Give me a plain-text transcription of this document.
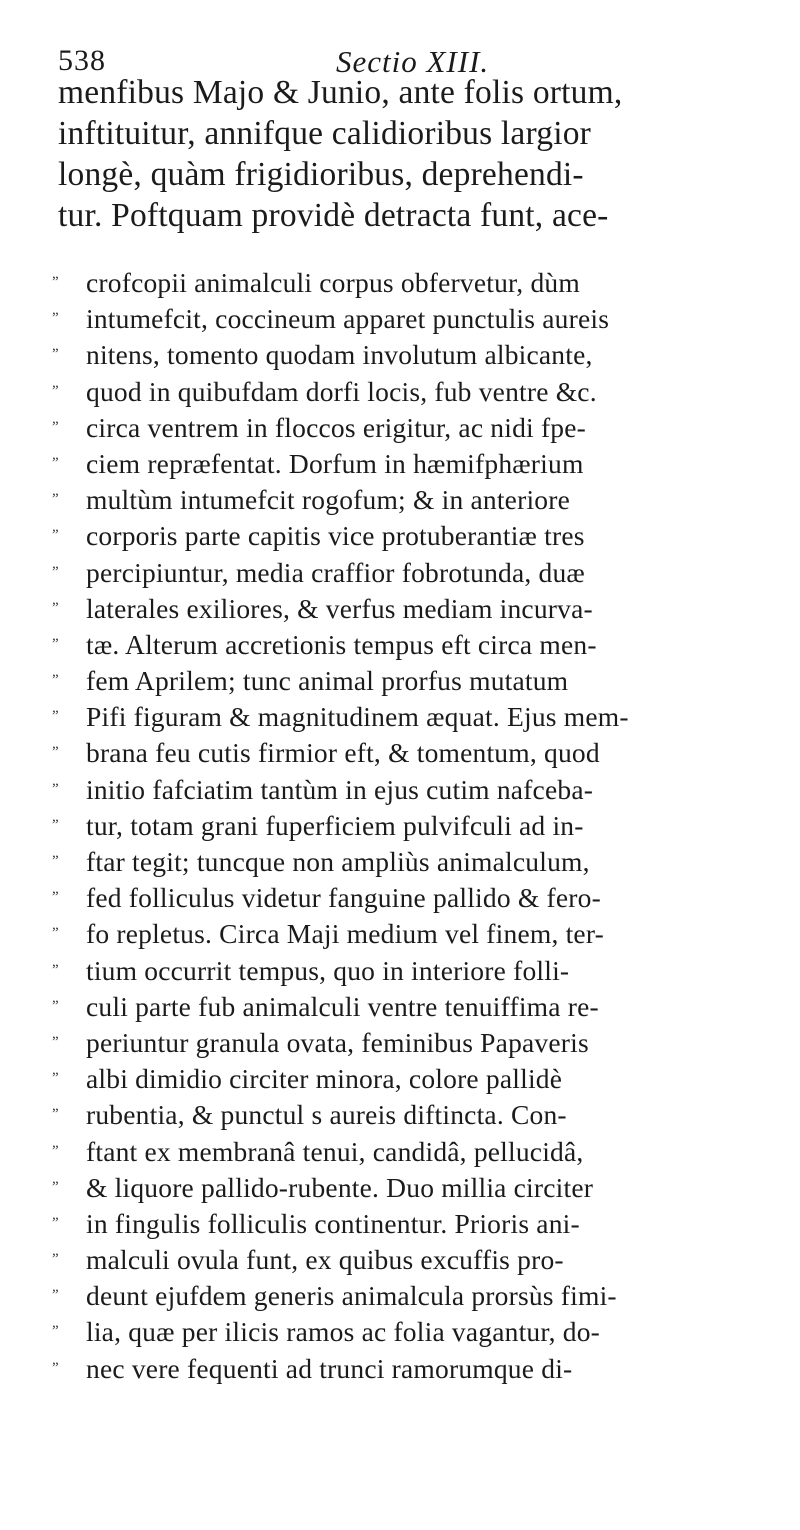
538	Sectio XIII.
menfibus Majo & Junio, ante folis ortum,
inftituitur, annifque calidioribus largior
longè, quàm frigidioribus, deprehendi-
tur. Poftquam providè detracta funt, ace-
” crofcopii animalculi corpus obfervetur, dùm
” intumefcit, coccineum apparet punctulis aureis
” nitens, tomento quodam involutum albicante,
” quod in quibufdam dorfi locis, fub ventre &c.
” circa ventrem in floccos erigitur, ac nidi fpe-
” ciem repræfentat. Dorfum in hæmifphærium
” multùm intumefcit rogofum; & in anteriore
” corporis parte capitis vice protuberantiæ tres
” percipiuntur, media craffior fobrotunda, duæ
” laterales exiliores, & verfus mediam incurva-
” tæ. Alterum accretionis tempus eft circa men-
” fem Aprilem; tunc animal prorfus mutatum
” Pifi figuram & magnitudinem æquat. Ejus mem-
” brana feu cutis firmior eft, & tomentum, quod
” initio fafciatim tantùm in ejus cutim nafceba-
” tur, totam grani fuperficiem pulvifculi ad in-
” ftar tegit; tuncque non ampliùs animalculum,
” fed folliculus videtur fanguine pallido & fero-
” fo repletus. Circa Maji medium vel finem, ter-
” tium occurrit tempus, quo in interiore folli-
” culi parte fub animalculi ventre tenuiffima re-
” periuntur granula ovata, feminibus Papaveris
” albi dimidio circiter minora, colore pallidè
” rubentia, & punctul s aureis diftincta. Con-
” ftant ex membranâ tenui, candidâ, pellucidâ,
” & liquore pallido-rubente. Duo millia circiter
” in fingulis folliculis continentur. Prioris ani-
” malculi ovula funt, ex quibus excuffis pro-
” deunt ejufdem generis animalcula prorsùs fimi-
” lia, quæ per ilicis ramos ac folia vagantur, do-
” nec vere fequenti ad trunci ramorumque di-
